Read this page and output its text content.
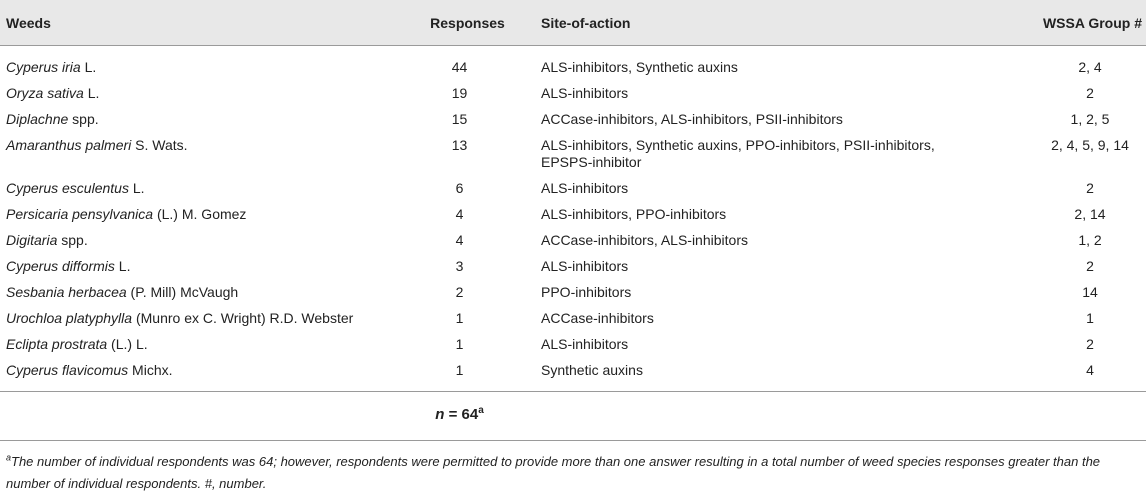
Weeds	Responses	Site-of-action	WSSA Group #
Cyperus iria L.	44	ALS-inhibitors, Synthetic auxins	2, 4
Oryza sativa L.	19	ALS-inhibitors	2
Diplachne spp.	15	ACCase-inhibitors, ALS-inhibitors, PSII-inhibitors	1, 2, 5
Amaranthus palmeri S. Wats.	13	ALS-inhibitors, Synthetic auxins, PPO-inhibitors, PSII-inhibitors, EPSPS-inhibitor	2, 4, 5, 9, 14
Cyperus esculentus L.	6	ALS-inhibitors	2
Persicaria pensylvanica (L.) M. Gomez	4	ALS-inhibitors, PPO-inhibitors	2, 14
Digitaria spp.	4	ACCase-inhibitors, ALS-inhibitors	1, 2
Cyperus difformis L.	3	ALS-inhibitors	2
Sesbania herbacea (P. Mill) McVaugh	2	PPO-inhibitors	14
Urochloa platyphylla (Munro ex C. Wright) R.D. Webster	1	ACCase-inhibitors	1
Eclipta prostrata (L.) L.	1	ALS-inhibitors	2
Cyperus flavicomus Michx.	1	Synthetic auxins	4
	$n = 64^a$		
$^a$The number of individual respondents was 64; however, respondents were permitted to provide more than one answer resulting in a total number of weed species responses greater than the number of individual respondents. #, number.
